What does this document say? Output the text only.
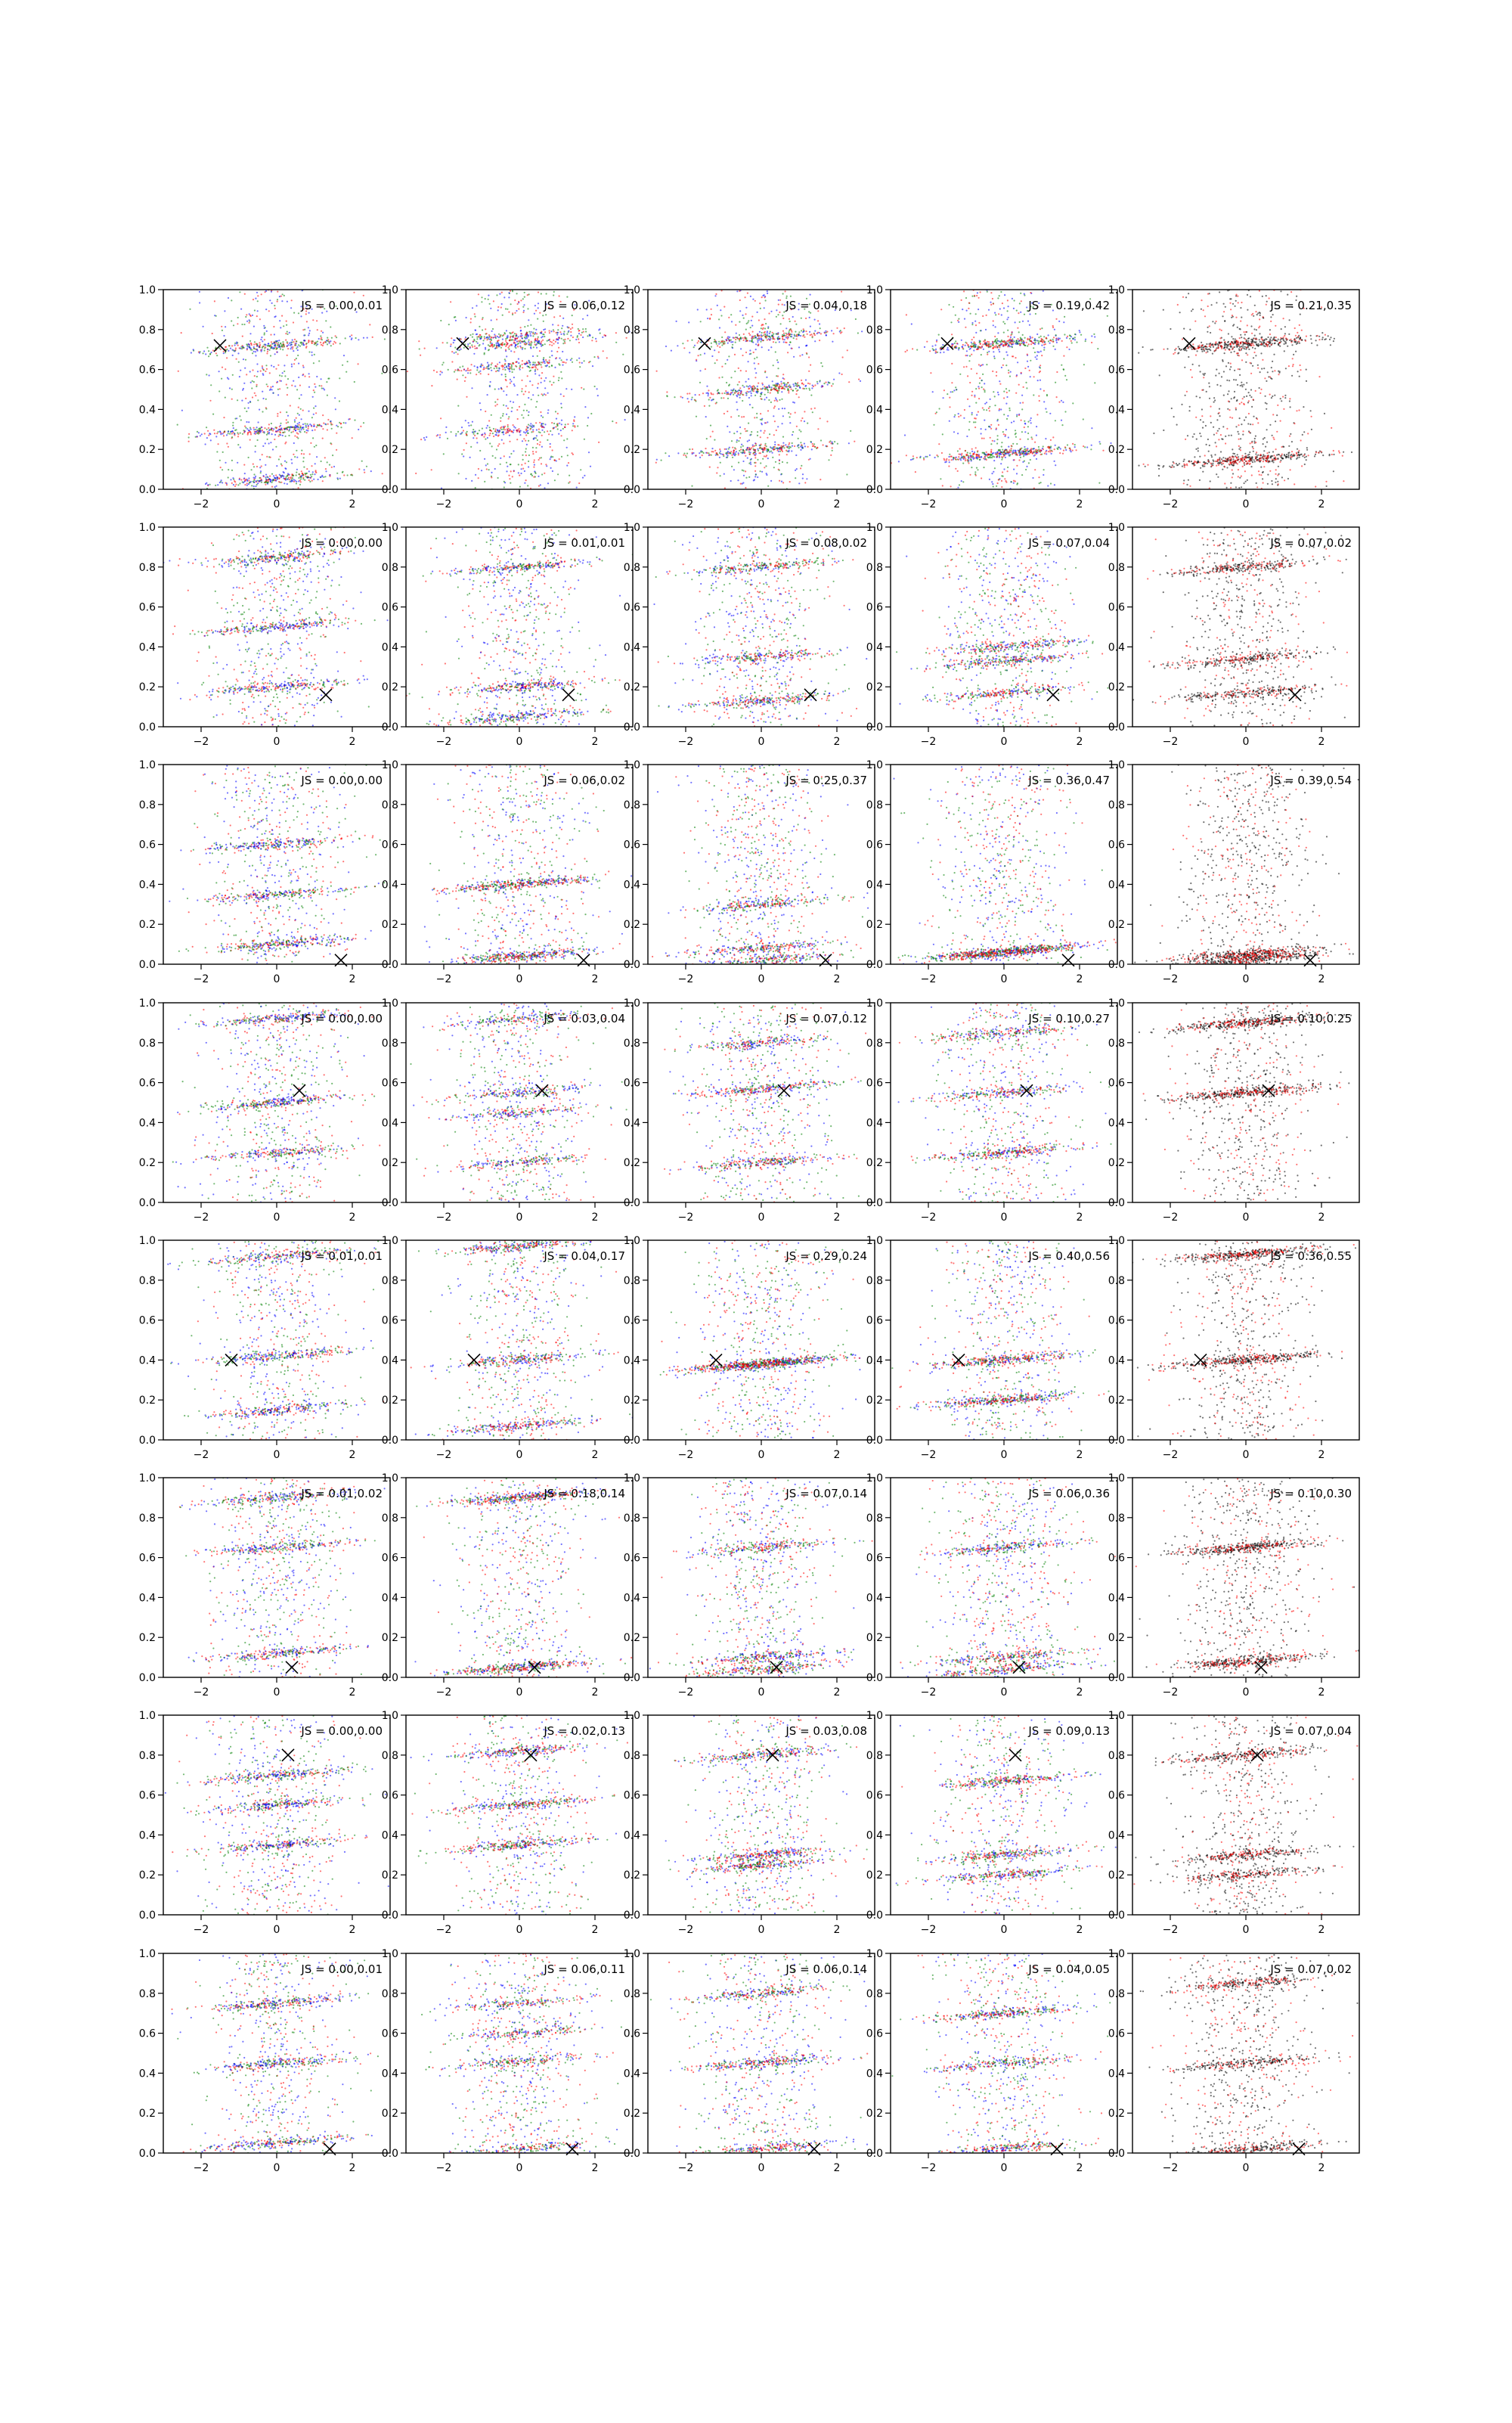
−2	0	2
0.0
0.2
0.4
0.6
0.8
1.0
JS = 0.00,0.01
−2	0	2
0.0
0.2
0.4
0.6
0.8
1.0
JS = 0.06,0.12
−2	0	2
0.0
0.2
0.4
0.6
0.8
1.0
JS = 0.04,0.18
−2	0	2
0.0
0.2
0.4
0.6
0.8
1.0
JS = 0.19,0.42
−2	0	2
0.0
0.2
0.4
0.6
0.8
1.0
JS = 0.21,0.35
−2	0	2
0.0
0.2
0.4
0.6
0.8
1.0
JS = 0.00,0.00
−2	0	2
0.0
0.2
0.4
0.6
0.8
1.0
JS = 0.01,0.01
−2	0	2
0.0
0.2
0.4
0.6
0.8
1.0
JS = 0.08,0.02
−2	0	2
0.0
0.2
0.4
0.6
0.8
1.0
JS = 0.07,0.04
−2	0	2
0.0
0.2
0.4
0.6
0.8
1.0
JS = 0.07,0.02
−2	0	2
0.0
0.2
0.4
0.6
0.8
1.0
JS = 0.00,0.00
−2	0	2
0.0
0.2
0.4
0.6
0.8
1.0
JS = 0.06,0.02
−2	0	2
0.0
0.2
0.4
0.6
0.8
1.0
JS = 0.25,0.37
−2	0	2
0.0
0.2
0.4
0.6
0.8
1.0
JS = 0.36,0.47
−2	0	2
0.0
0.2
0.4
0.6
0.8
1.0
JS = 0.39,0.54
−2	0	2
0.0
0.2
0.4
0.6
0.8
1.0
JS = 0.00,0.00
−2	0	2
0.0
0.2
0.4
0.6
0.8
1.0
JS = 0.03,0.04
−2	0	2
0.0
0.2
0.4
0.6
0.8
1.0
JS = 0.07,0.12
−2	0	2
0.0
0.2
0.4
0.6
0.8
1.0
JS = 0.10,0.27
−2	0	2
0.0
0.2
0.4
0.6
0.8
1.0
JS = 0.10,0.25
−2	0	2
0.0
0.2
0.4
0.6
0.8
1.0
JS = 0.01,0.01
−2	0	2
0.0
0.2
0.4
0.6
0.8
1.0
JS = 0.04,0.17
−2	0	2
0.0
0.2
0.4
0.6
0.8
1.0
JS = 0.29,0.24
−2	0	2
0.0
0.2
0.4
0.6
0.8
1.0
JS = 0.40,0.56
−2	0	2
0.0
0.2
0.4
0.6
0.8
1.0
JS = 0.36,0.55
−2	0	2
0.0
0.2
0.4
0.6
0.8
1.0
JS = 0.01,0.02
−2	0	2
0.0
0.2
0.4
0.6
0.8
1.0
JS = 0.18,0.14
−2	0	2
0.0
0.2
0.4
0.6
0.8
1.0
JS = 0.07,0.14
−2	0	2
0.0
0.2
0.4
0.6
0.8
1.0
JS = 0.06,0.36
−2	0	2
0.0
0.2
0.4
0.6
0.8
1.0
JS = 0.10,0.30
−2	0	2
0.0
0.2
0.4
0.6
0.8
1.0
JS = 0.00,0.00
−2	0	2
0.0
0.2
0.4
0.6
0.8
1.0
JS = 0.02,0.13
−2	0	2
0.0
0.2
0.4
0.6
0.8
1.0
JS = 0.03,0.08
−2	0	2
0.0
0.2
0.4
0.6
0.8
1.0
JS = 0.09,0.13
−2	0	2
0.0
0.2
0.4
0.6
0.8
1.0
JS = 0.07,0.04
−2	0	2
0.0
0.2
0.4
0.6
0.8
1.0
JS = 0.00,0.01
−2	0	2
0.0
0.2
0.4
0.6
0.8
1.0
JS = 0.06,0.11
−2	0	2
0.0
0.2
0.4
0.6
0.8
1.0
JS = 0.06,0.14
−2	0	2
0.0
0.2
0.4
0.6
0.8
1.0
JS = 0.04,0.05
−2	0	2
0.0
0.2
0.4
0.6
0.8
1.0
JS = 0.07,0.02
